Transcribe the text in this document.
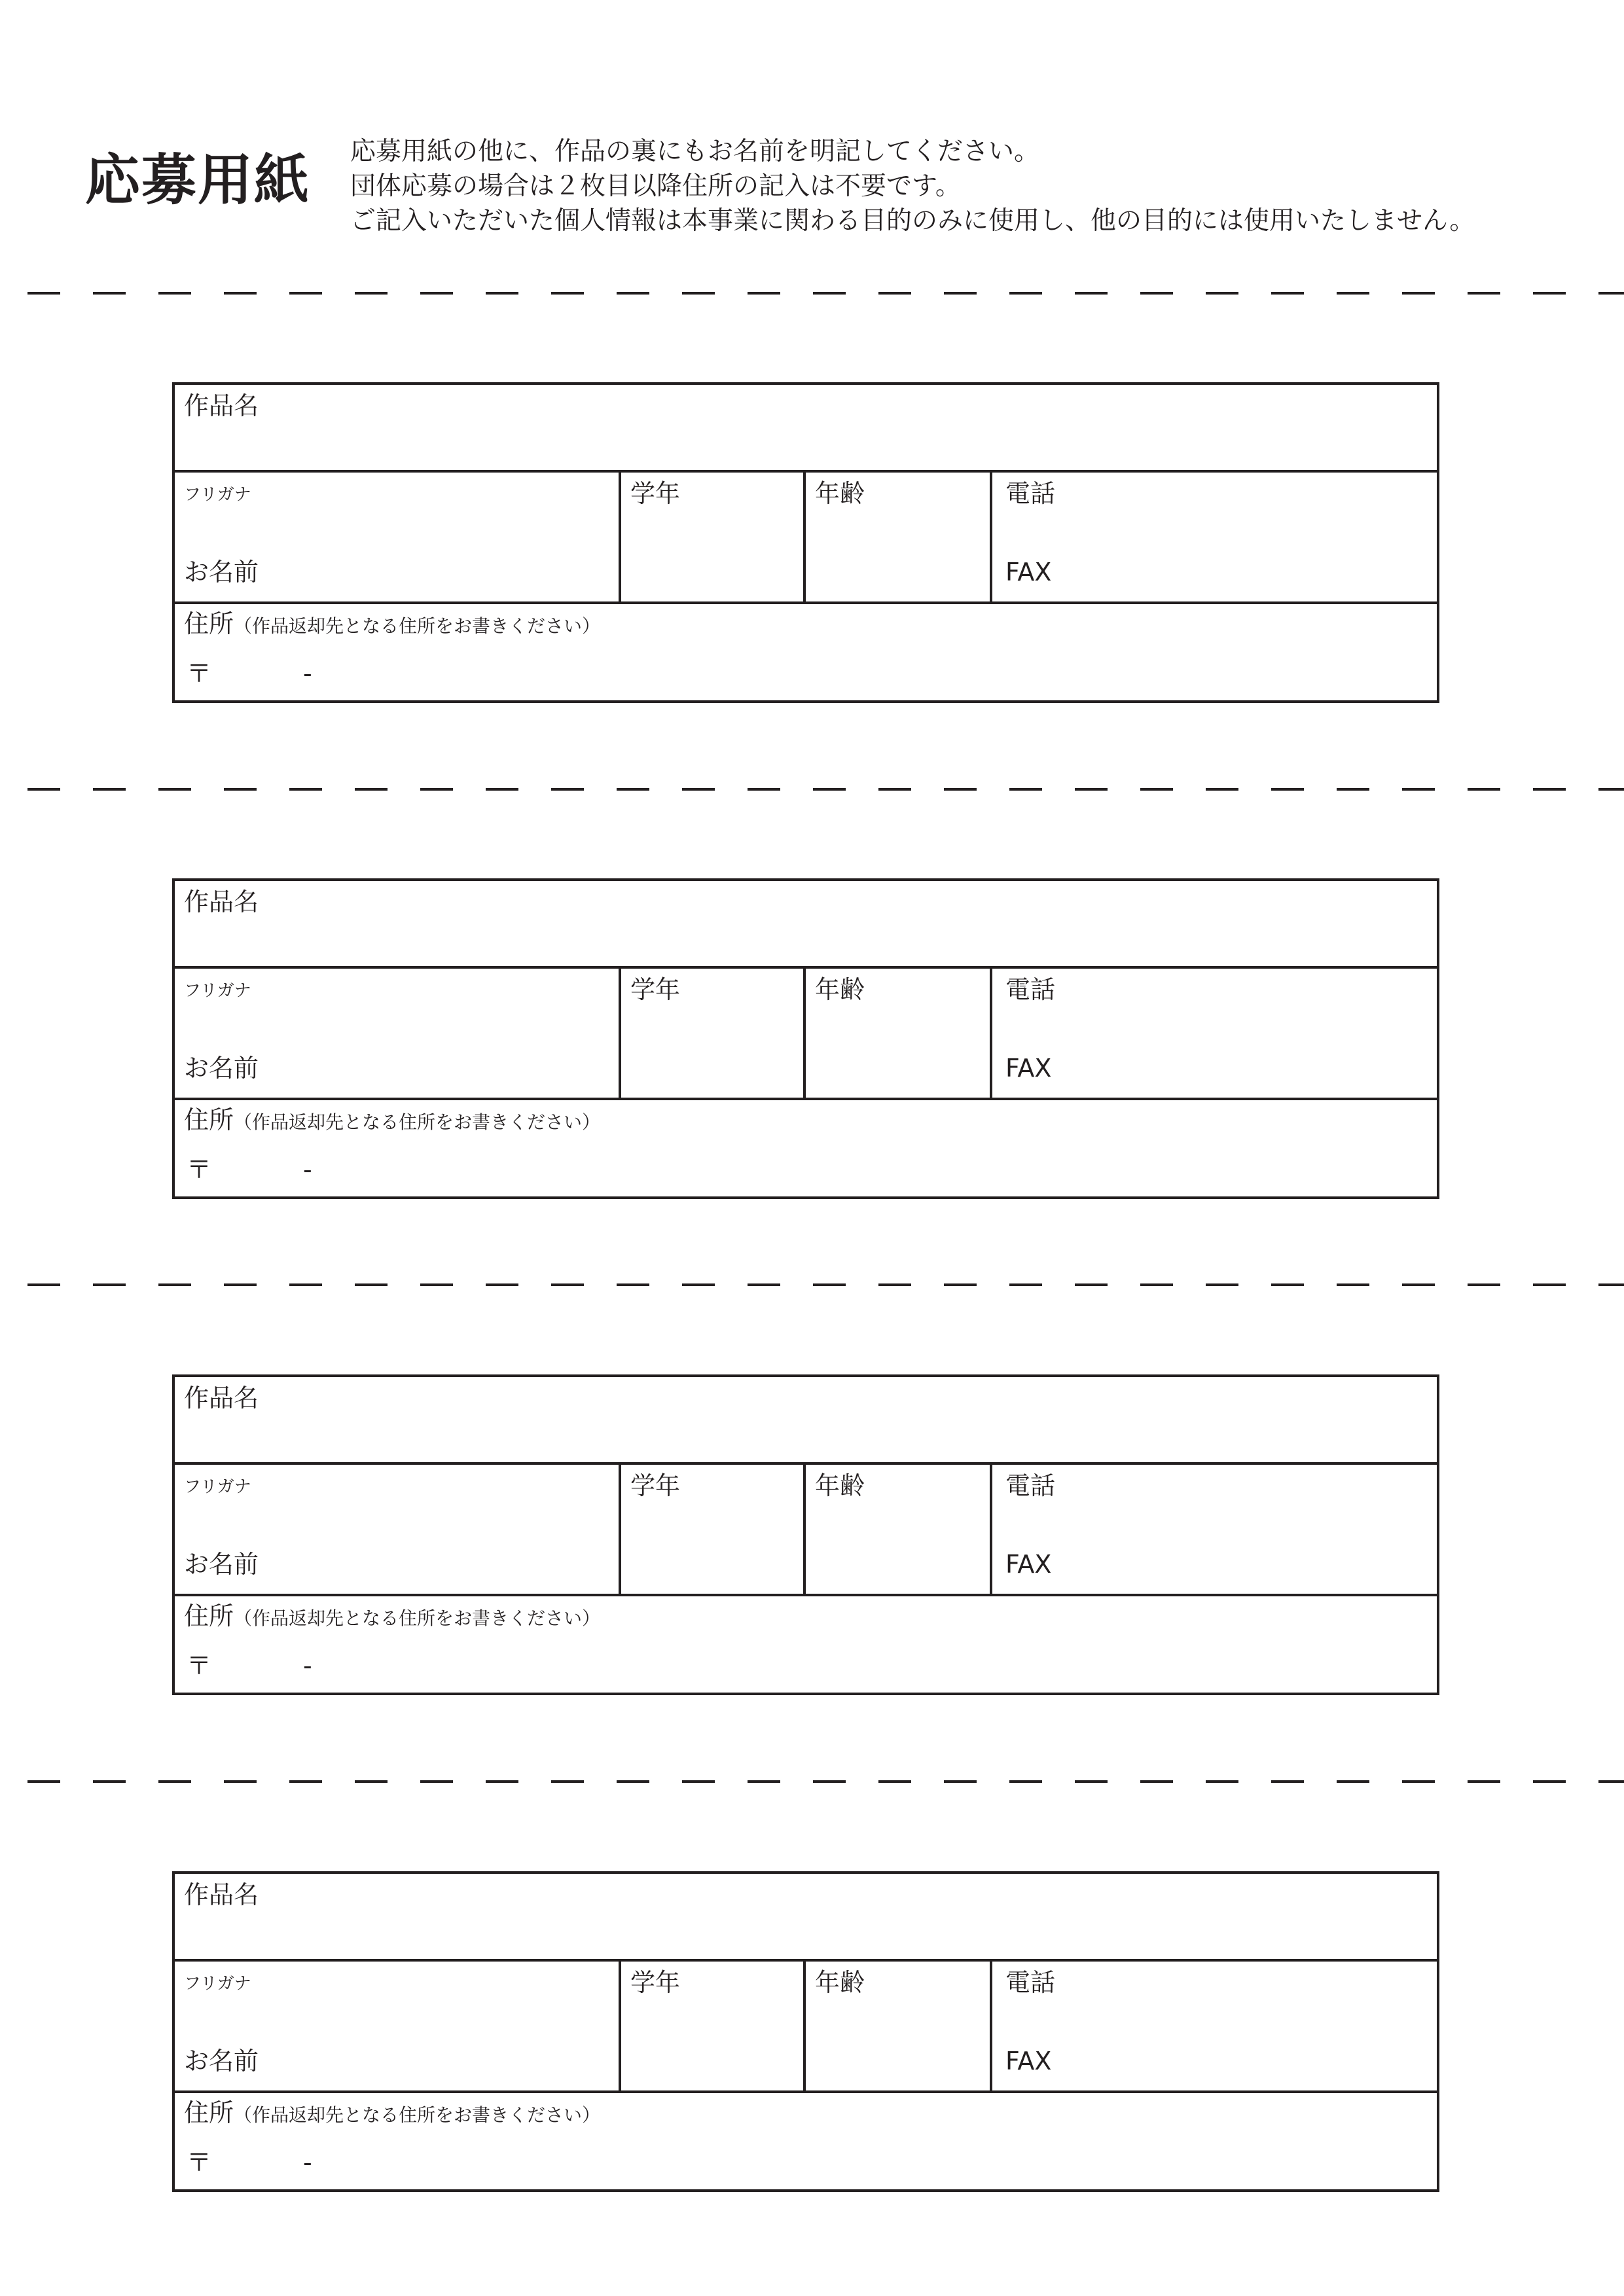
応募用紙 応募用紙の他に、作品の裏にもお名前を明記してください。
団体応募の場合は２枚目以降住所の記入は不要です。
ご記入いただいた個人情報は本事業に関わる目的のみに使用し、他の目的には使用いたしません。
作品名
フリガナ
お名前
学年	年齢	電話
FAX
住所（作品返却先となる住所をお書きください）
〒	-
作品名
フリガナ
お名前
学年	年齢	電話
FAX
住所（作品返却先となる住所をお書きください）
〒	-
作品名
フリガナ
お名前
学年	年齢	電話
FAX
住所（作品返却先となる住所をお書きください）
〒	-
作品名
フリガナ
お名前
学年	年齢	電話
FAX
住所（作品返却先となる住所をお書きください）
〒	-
